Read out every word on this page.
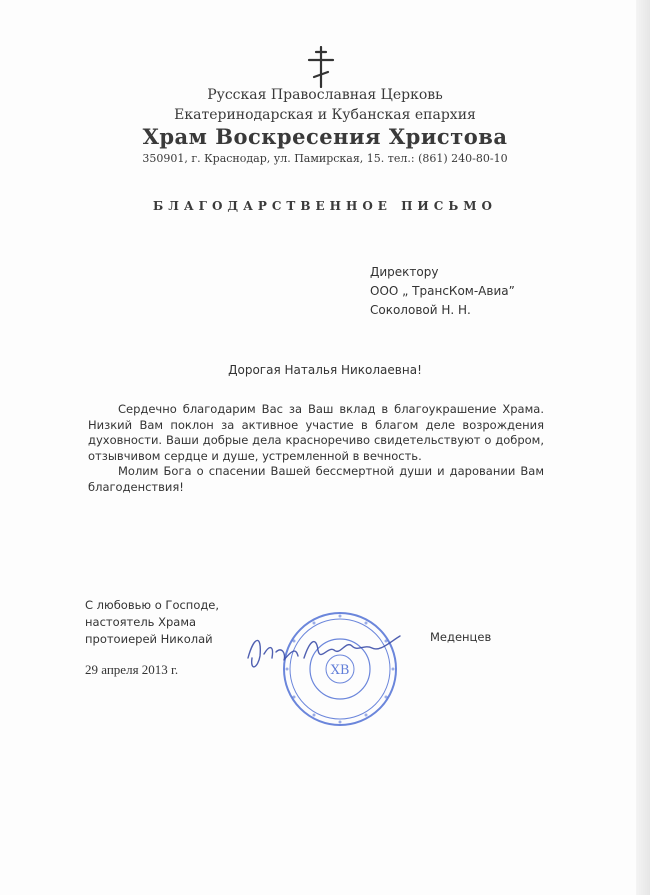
Русская Православная Церковь
Екатеринодарская и Кубанская епархия
Храм Воскресения Христова
350901, г. Краснодар, ул. Памирская, 15. тел.: (861) 240-80-10
БЛАГОДАРСТВЕННОЕ ПИСЬМО
Директору
ООО „ ТрансКом-Авиа”
Соколовой Н. Н.
Дорогая Наталья Николаевна!

Сердечно благодарим Вас за Ваш вклад в благоукрашение Храма. Низкий Вам поклон за активное участие в благом деле возрождения духовности. Ваши добрые дела красноречиво свидетельствуют о добром, отзывчивом сердце и душе, устремленной в вечность.

Молим Бога о спасении Вашей бессмертной души и даровании Вам благоденствия!

С любовью о Господе,
настоятель Храма
протоиерей Николай	Меденцев
29 апреля 2013 г.	ХВ
